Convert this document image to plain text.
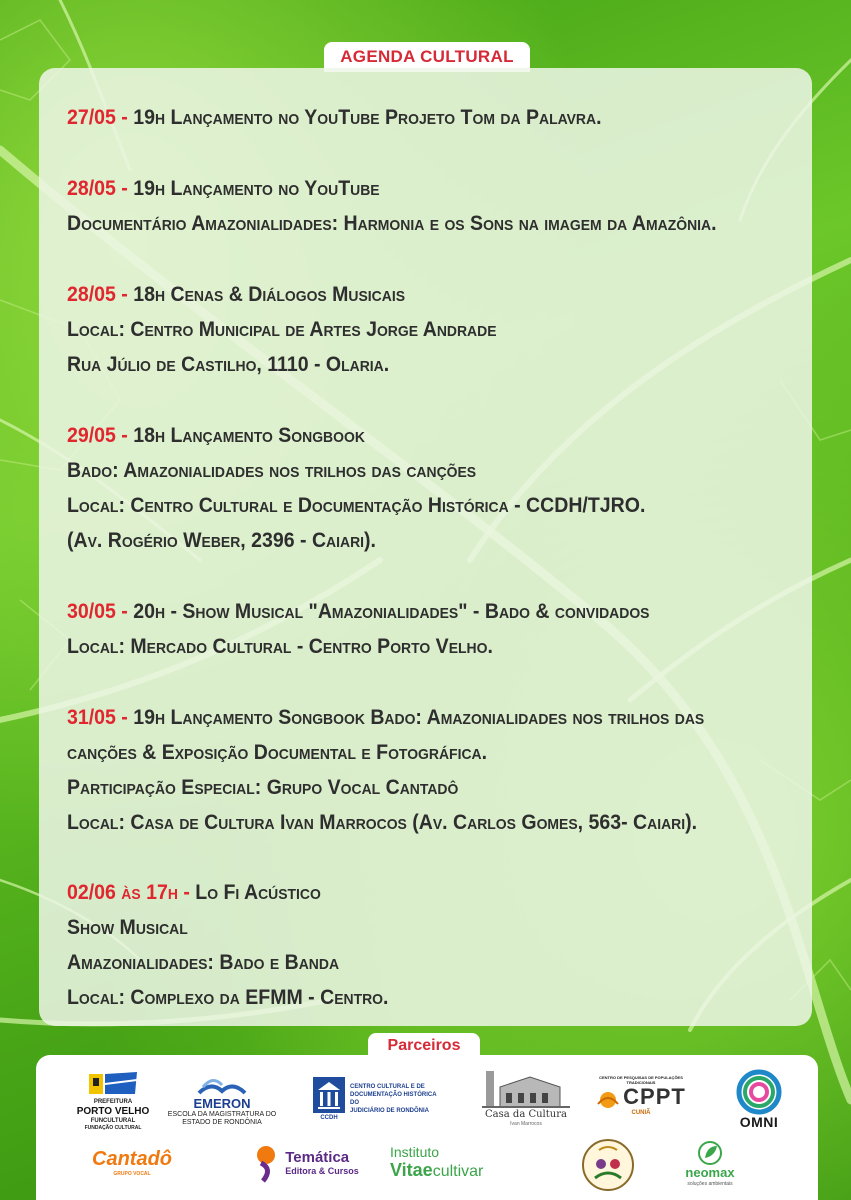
AGENDA CULTURAL
27/05 - 19h Lançamento no YouTube Projeto Tom da Palavra.
28/05 - 19h Lançamento no YouTube
Documentário Amazonialidades: Harmonia e os Sons na imagem da Amazônia.
28/05 - 18h Cenas & Diálogos Musicais
Local: Centro Municipal de Artes Jorge Andrade
Rua Júlio de Castilho, 1110 - Olaria.
29/05 - 18h Lançamento Songbook
Bado: Amazonialidades nos trilhos das canções
Local: Centro Cultural e Documentação Histórica - CCDH/TJRO.
(Av. Rogério Weber, 2396 - Caiari).
30/05 - 20h - Show Musical "Amazonialidades" - Bado & convidados
Local: Mercado Cultural - Centro Porto Velho.
31/05 - 19h Lançamento Songbook Bado: Amazonialidades nos trilhos das
canções & Exposição Documental e Fotográfica.
Participação Especial: Grupo Vocal Cantadô
Local: Casa de Cultura Ivan Marrocos (Av. Carlos Gomes, 563- Caiari).
02/06 às 17h - Lo Fi Acústico
Show Musical
Amazonialidades: Bado e Banda
Local: Complexo da EFMM - Centro.
Parceiros
PREFEITURA
PORTO VELHO
FUNCULTURAL
FUNDAÇÃO CULTURAL
EMERON
ESCOLA DA MAGISTRATURA DO
ESTADO DE RONDÔNIA
CCDH
CENTRO CULTURAL E DE
DOCUMENTAÇÃO HISTÓRICA DO
JUDICIÁRIO DE RONDÔNIA	Casa da Cultura
Ivan Marrocos
CENTRO DE PESQUISAS DE POPULAÇÕES TRADICIONAIS
CPPT
CUNIÃ
OMNI
Cantadô
GRUPO VOCAL
Temática
Editora & Cursos
Instituto
Vitae cultivar	neomax
soluções ambientais
